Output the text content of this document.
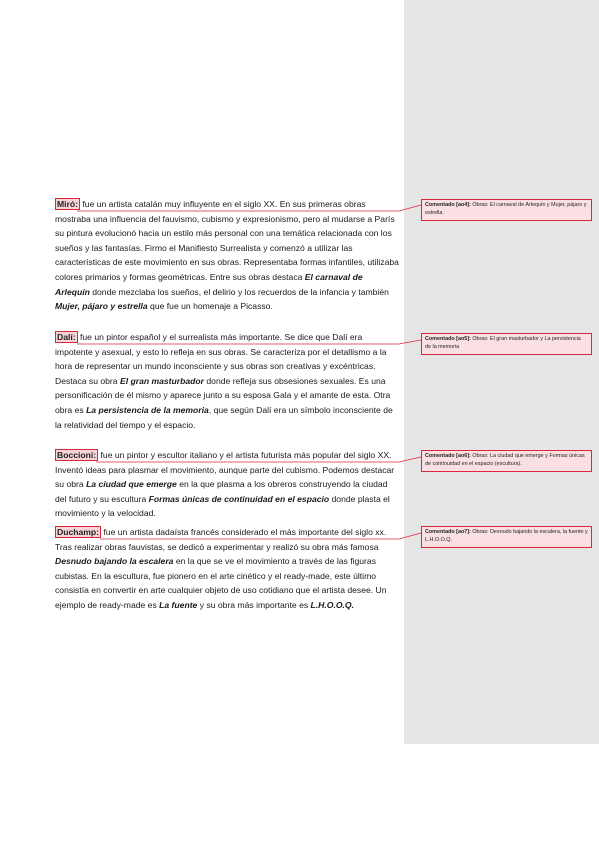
Miró: fue un artista catalán muy influyente en el siglo XX. En sus primeras obras mostraba una influencia del fauvismo, cubismo y expresionismo, pero al mudarse a París su pintura evolucionó hacia un estilo más personal con una temática relacionada con los sueños y las fantasías. Firmo el Manifiesto Surrealista y comenzó a utilizar las características de este movimiento en sus obras. Representaba formas infantiles, utilizaba colores primarios y formas geométricas. Entre sus obras destaca El carnaval de Arlequín donde mezclaba los sueños, el delirio y los recuerdos de la infancia y también Mujer, pájaro y estrella que fue un homenaje a Picasso.

Dalí: fue un pintor español y el surrealista más importante. Se dice que Dalí era impotente y asexual, y esto lo refleja en sus obras. Se caracteriza por el detallismo a la hora de representar un mundo inconsciente y sus obras son creativas y excéntricas. Destaca su obra El gran masturbador donde refleja sus obsesiones sexuales. Es una personificación de él mismo y aparece junto a su esposa Gala y el amante de esta. Otra obra es La persistencia de la memoria, que según Dalí era un símbolo inconsciente de la relatividad del tiempo y el espacio.

Boccioni: fue un pintor y escultor italiano y el artista futurista más popular del siglo XX. Inventó ideas para plasmar el movimiento, aunque parte del cubismo. Podemos destacar su obra La ciudad que emerge en la que plasma a los obreros construyendo la ciudad del futuro y su escultura Formas únicas de continuidad en el espacio donde plasta el movimiento y la velocidad.

Duchamp: fue un artista dadaísta francés considerado el más importante del siglo xx. Tras realizar obras fauvistas, se dedicó a experimentar y realizó su obra más famosa Desnudo bajando la escalera en la que se ve el movimiento a través de las figuras cubistas. En la escultura, fue pionero en el arte cinético y el ready-made, este último consistía en convertir en arte cualquier objeto de uso cotidiano que el artista desee. Un ejemplo de ready-made es La fuente y su obra más importante es L.H.O.O.Q.

Comentado [ao4]: Obras: El carnaval de Arlequín y Mujer, pájaro y estrella.
Comentado [ao5]: Obras: El gran masturbador y La persistencia de la memoria
Comentado [ao6]: Obras: La ciudad que emerge y Formas únicas de continuidad en el espacio (escultura).
Comentado [ao7]: Obras: Desnudo bajando la escalera, la fuente y L.H.O.O.Q.
